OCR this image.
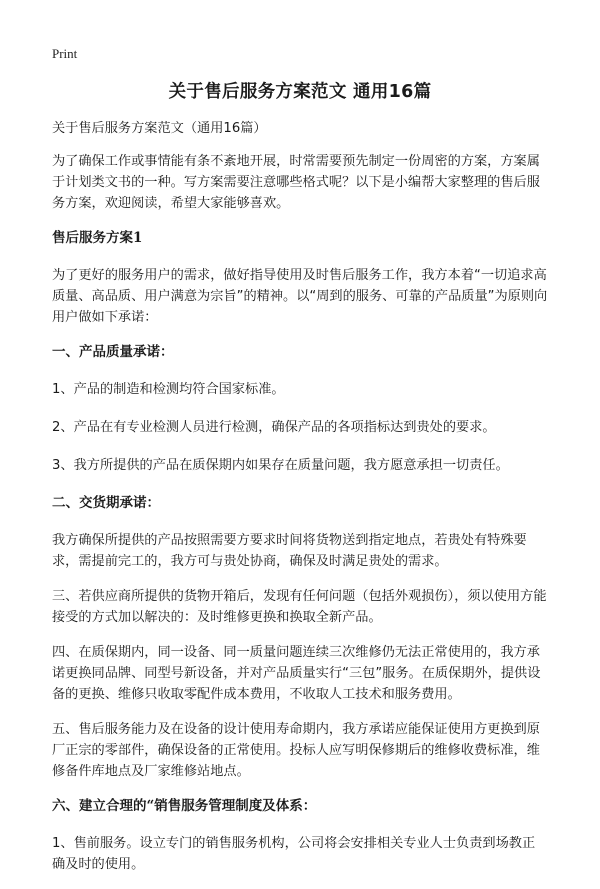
Print
关于售后服务方案范文 通用16篇

关于售后服务方案范文（通用16篇）

为了确保工作或事情能有条不紊地开展，时常需要预先制定一份周密的方案，方案属于计划类文书的一种。写方案需要注意哪些格式呢？以下是小编帮大家整理的售后服务方案，欢迎阅读，希望大家能够喜欢。

售后服务方案1

为了更好的服务用户的需求，做好指导使用及时售后服务工作，我方本着“一切追求高质量、高品质、用户满意为宗旨”的精神。以“周到的服务、可靠的产品质量”为原则向用户做如下承诺：

一、产品质量承诺：

1、产品的制造和检测均符合国家标准。

2、产品在有专业检测人员进行检测，确保产品的各项指标达到贵处的要求。

3、我方所提供的产品在质保期内如果存在质量问题，我方愿意承担一切责任。

二、交货期承诺：

我方确保所提供的产品按照需要方要求时间将货物送到指定地点，若贵处有特殊要求，需提前完工的，我方可与贵处协商，确保及时满足贵处的需求。

三、若供应商所提供的货物开箱后，发现有任何问题（包括外观损伤），须以使用方能接受的方式加以解决的：及时维修更换和换取全新产品。

四、在质保期内，同一设备、同一质量问题连续三次维修仍无法正常使用的，我方承诺更换同品牌、同型号新设备，并对产品质量实行“三包”服务。在质保期外，提供设备的更换、维修只收取零配件成本费用，不收取人工技术和服务费用。

五、售后服务能力及在设备的设计使用寿命期内，我方承诺应能保证使用方更换到原厂正宗的零部件，确保设备的正常使用。投标人应写明保修期后的维修收费标准，维修备件库地点及厂家维修站地点。

六、建立合理的“销售服务管理制度及体系：

1、售前服务。设立专门的销售服务机构，公司将会安排相关专业人士负责到场教正确及时的使用。
